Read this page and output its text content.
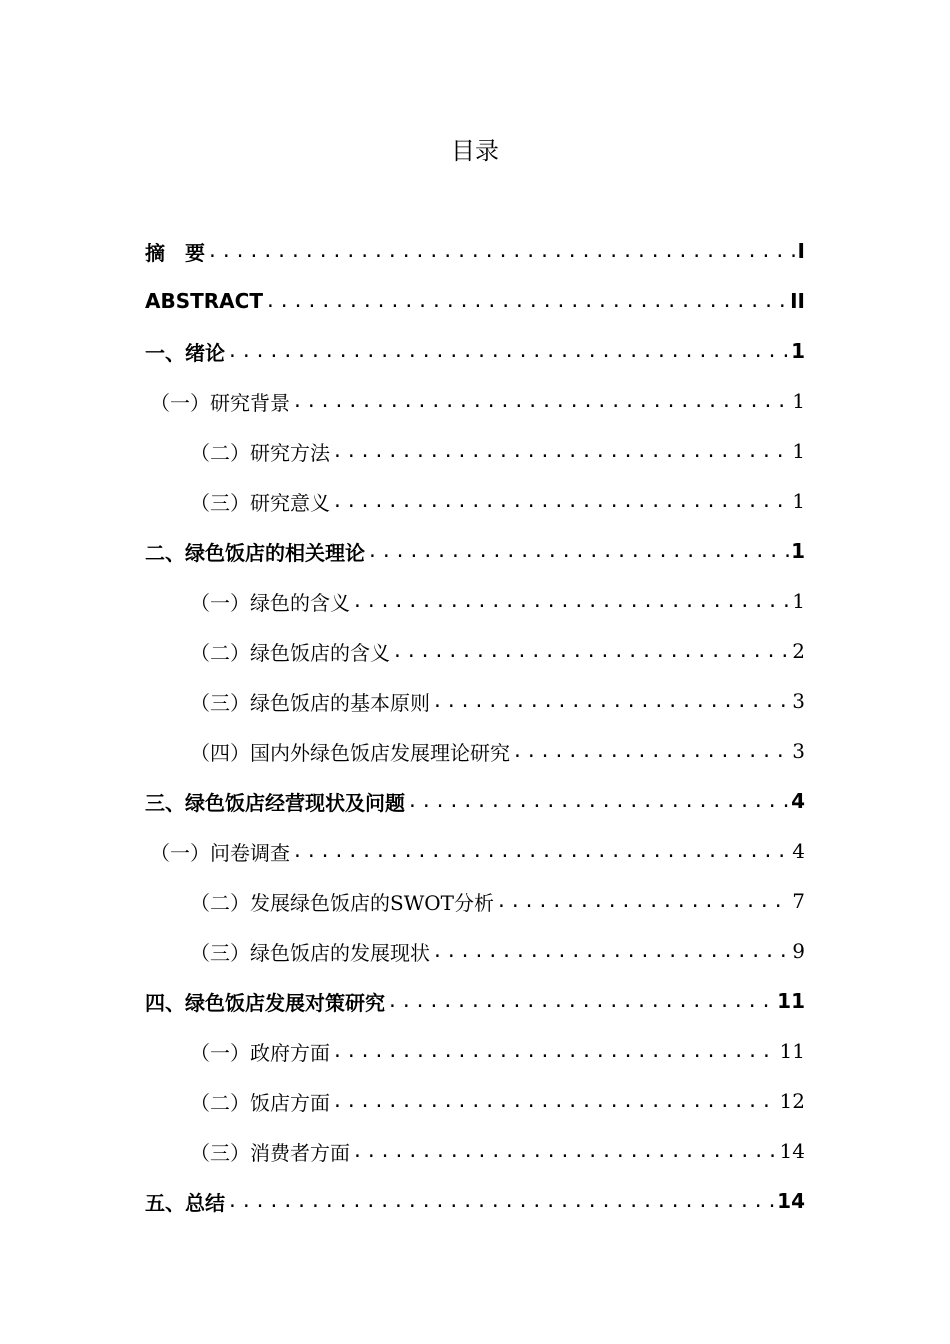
目录
摘　要 .....	I
ABSTRACT .....	II
一、绪论 .....	1
（一）研究背景 .....	1
（二）研究方法 .....	1
（三）研究意义 .....	1
二、绿色饭店的相关理论 .....	1
（一）绿色的含义 .....	1
（二）绿色饭店的含义 .....	2
（三）绿色饭店的基本原则 .....	3
（四）国内外绿色饭店发展理论研究 .....	3
三、绿色饭店经营现状及问题 .....	4
（一）问卷调查 .....	4
（二）发展绿色饭店的SWOT分析 .....	7
（三）绿色饭店的发展现状 .....	9
四、绿色饭店发展对策研究 .....	11
（一）政府方面 .....	11
（二）饭店方面 .....	12
（三）消费者方面 .....	14
五、总结 .....	14
